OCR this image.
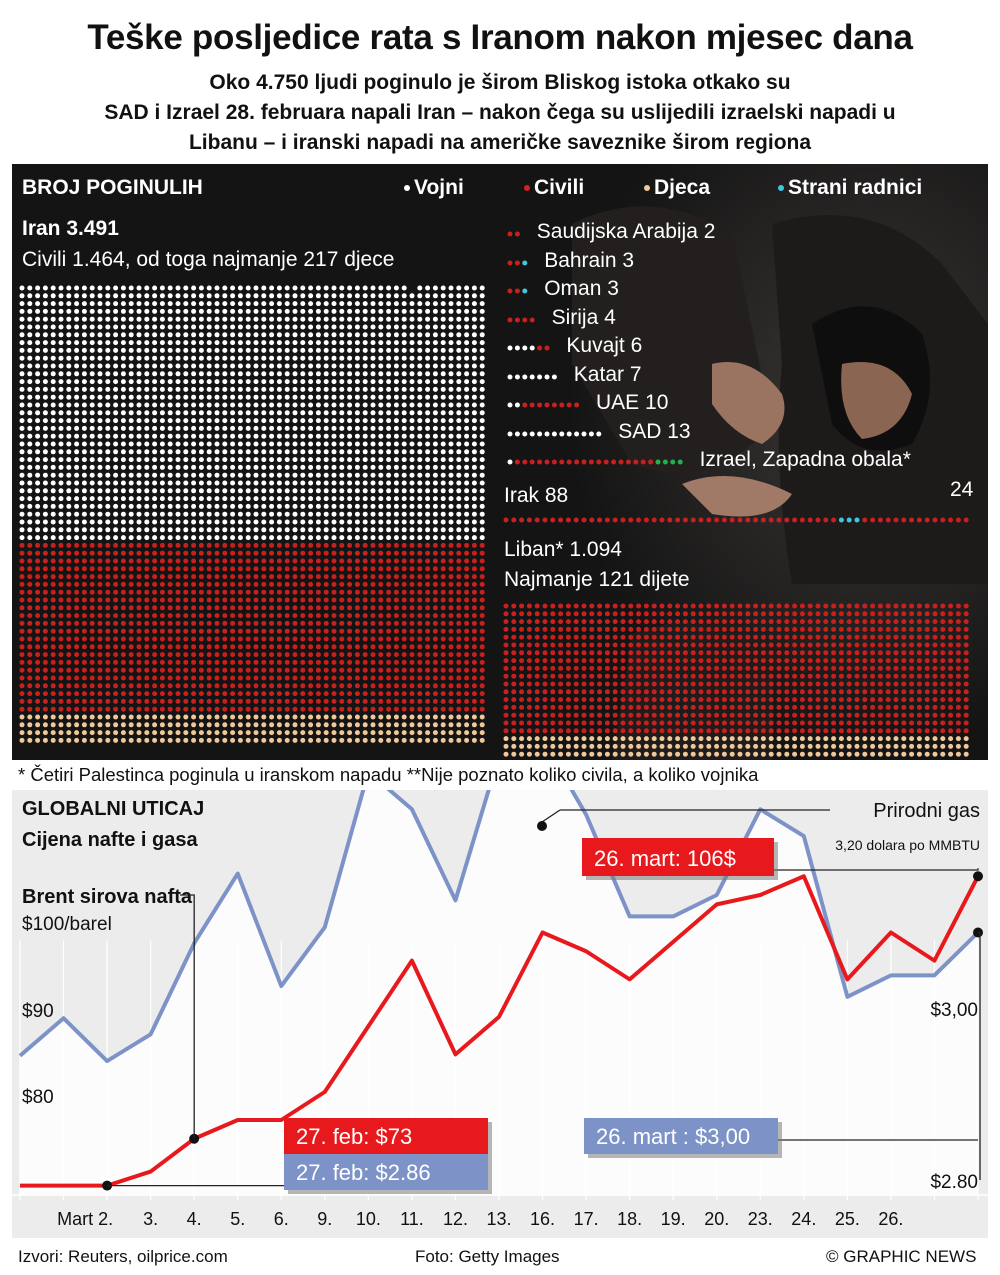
Teške posljedice rata s Iranom nakon mjesec dana
Oko 4.750 ljudi poginulo je širom Bliskog istoka otkako su
SAD i Izrael 28. februara napali Iran – nakon čega su uslijedili izraelski napadi u
Libanu – i iranski napadi na američke saveznike širom regiona
BROJ POGINULIH	Vojni	Civili	Djeca	Strani radnici
Iran 3.491
Civili 1.464, od toga najmanje 217 djece
Saudijska Arabija 2
Bahrain 3
Oman 3
Sirija 4
Kuvajt 6
Katar 7
UAE 10
SAD 13
Izrael, Zapadna obala*
24
Irak 88
Liban* 1.094
Najmanje 121 dijete
* Četiri Palestinca poginula u iranskom napadu **Nije poznato koliko civila, a koliko vojnika
Mart 2. 3. 4. 5. 6. 9. 10. 11. 12. 13. 16. 17. 18. 19. 20. 23. 24. 25. 26.
GLOBALNI UTICAJ
Cijena nafte i gasa
Brent sirova nafta
$100/barel
$90
$80
Prirodni gas
3,20 dolara po MMBTU
$3,00
$2.80
26. mart: 106$
27. feb: $73
27. feb: $2.86
26. mart : $3,00
Izvori: Reuters, oilprice.com	Foto: Getty Images	© GRAPHIC NEWS
